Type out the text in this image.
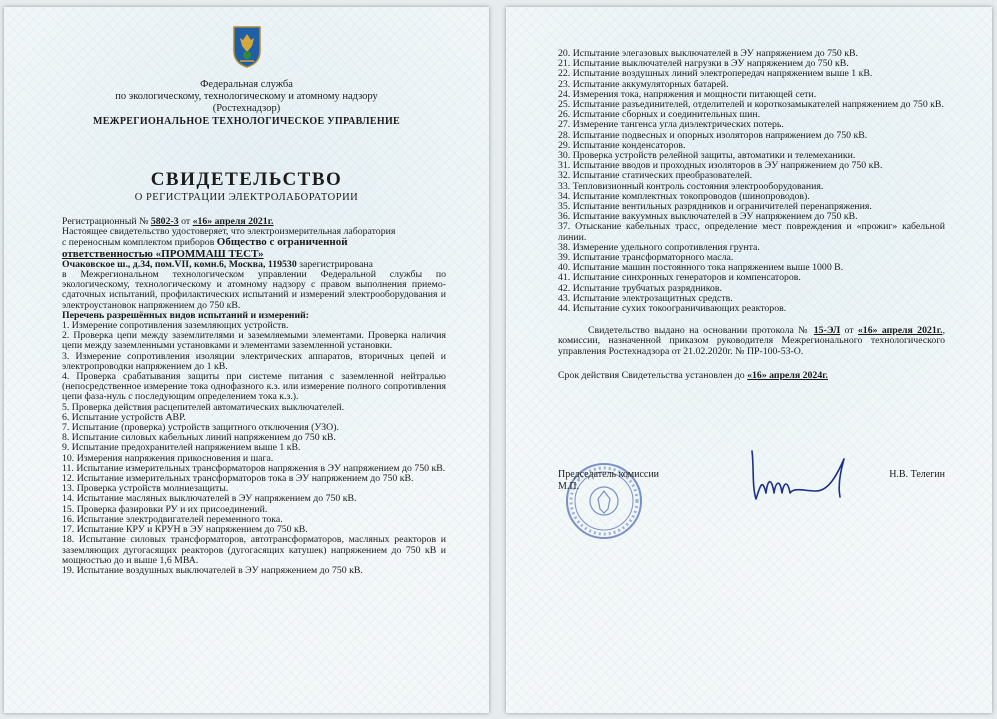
Федеральная служба
по экологическому, технологическому и атомному надзору
(Ростехнадзор)
МЕЖРЕГИОНАЛЬНОЕ ТЕХНОЛОГИЧЕСКОЕ УПРАВЛЕНИЕ
СВИДЕТЕЛЬСТВО
О РЕГИСТРАЦИИ ЭЛЕКТРОЛАБОРАТОРИИ

Регистрационный № 5802-3 от «16» апреля 2021г.

Настоящее свидетельство удостоверяет, что электроизмерительная лаборатория

с переносным комплектом приборов Общество с ограниченной

ответственностью «ПРОММАШ ТЕСТ»

Очаковское ш., д.34, пом.VII, комн.6, Москва, 119530 зарегистрирована

в Межрегиональном технологическом управлении Федеральной службы по экологическому, технологическому и атомному надзору с правом выполнения приемо-сдаточных испытаний, профилактических испытаний и измерений электрооборудования и электроустановок напряжением до 750 кВ.

Перечень разрешённых видов испытаний и измерений:

1. Измерение сопротивления заземляющих устройств.

2. Проверка цепи между заземлителями и заземляемыми элементами. Проверка наличия цепи между заземленными установками и элементами заземленной установки.

3. Измерение сопротивления изоляции электрических аппаратов, вторичных цепей и электропроводки напряжением до 1 кВ.

4. Проверка срабатывания защиты при системе питания с заземленной нейтралью (непосредственное измерение тока однофазного к.з. или измерение полного сопротивления цепи фаза-нуль с последующим определением тока к.з.).

5. Проверка действия расцепителей автоматических выключателей.

6. Испытание устройств АВР.

7. Испытание (проверка) устройств защитного отключения (УЗО).

8. Испытание силовых кабельных линий напряжением до 750 кВ.

9. Испытание предохранителей напряжением выше 1 кВ.

10. Измерения напряжения прикосновения и шага.

11. Испытание измерительных трансформаторов напряжения в ЭУ напряжением до 750 кВ.

12. Испытание измерительных трансформаторов тока в ЭУ напряжением до 750 кВ.

13. Проверка устройств молниезащиты.

14. Испытание масляных выключателей в ЭУ напряжением до 750 кВ.

15. Проверка фазировки РУ и их присоединений.

16. Испытание электродвигателей переменного тока.

17. Испытание КРУ и КРУН в ЭУ напряжением до 750 кВ.

18. Испытание силовых трансформаторов, автотрансформаторов, масляных реакторов и заземляющих дугогасящих реакторов (дугогасящих катушек) напряжением до 750 кВ и мощностью до и выше 1,6 МВА.

19. Испытание воздушных выключателей в ЭУ напряжением до 750 кВ.

20. Испытание элегазовых выключателей в ЭУ напряжением до 750 кВ.

21. Испытание выключателей нагрузки в ЭУ напряжением до 750 кВ.

22. Испытание воздушных линий электропередач напряжением выше 1 кВ.

23. Испытание аккумуляторных батарей.

24. Измерения тока, напряжения и мощности питающей сети.

25. Испытание разъединителей, отделителей и короткозамыкателей напряжением до 750 кВ.

26. Испытание сборных и соединительных шин.

27. Измерение тангенса угла диэлектрических потерь.

28. Испытание подвесных и опорных изоляторов напряжением до 750 кВ.

29. Испытание конденсаторов.

30. Проверка устройств релейной защиты, автоматики и телемеханики.

31. Испытание вводов и проходных изоляторов в ЭУ напряжением до 750 кВ.

32. Испытание статических преобразователей.

33. Тепловизионный контроль состояния электрооборудования.

34. Испытание комплектных токопроводов (шинопроводов).

35. Испытание вентильных разрядников и ограничителей перенапряжения.

36. Испытание вакуумных выключателей в ЭУ напряжением до 750 кВ.

37. Отыскание кабельных трасс, определение мест повреждения и «прожиг» кабельной линии.

38. Измерение удельного сопротивления грунта.

39. Испытание трансформаторного масла.

40. Испытание машин постоянного тока напряжением выше 1000 В.

41. Испытание синхронных генераторов и компенсаторов.

42. Испытание трубчатых разрядников.

43. Испытание электрозащитных средств.

44. Испытание сухих токоограничивающих реакторов.

Свидетельство выдано на основании протокола № 15-ЭЛ от «16» апреля 2021г., комиссии, назначенной приказом руководителя Межрегионального технологического управления Ростехнадзора от 21.02.2020г. № ПР-100-53-О.

Срок действия Свидетельства установлен до «16» апреля 2024г.

Председатель комиссии
М.П.
Н.В. Телегин
